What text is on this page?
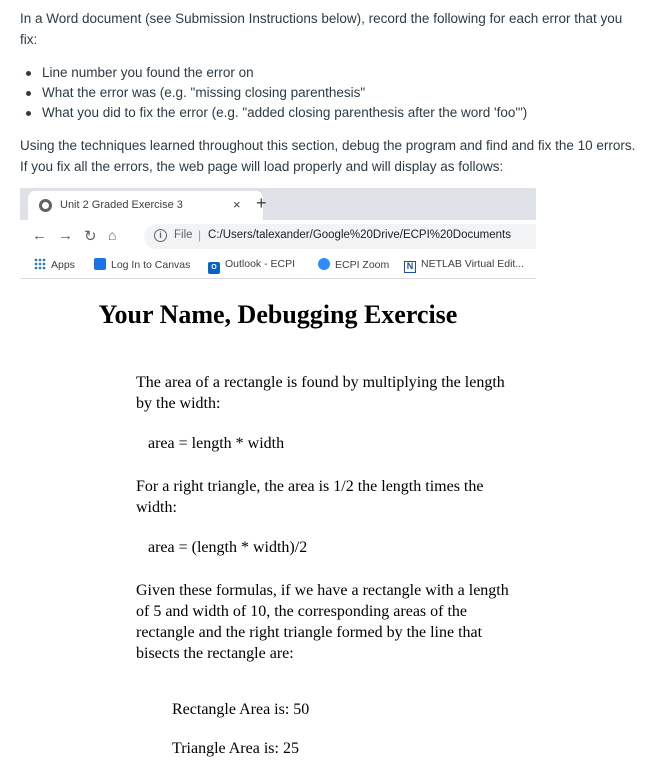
In a Word document (see Submission Instructions below), record the following for each error that you fix:

Line number you found the error on
What the error was (e.g. "missing closing parenthesis"
What you did to fix the error (e.g. "added closing parenthesis after the word 'foo'")

Using the techniques learned throughout this section, debug the program and find and fix the 10 errors. If you fix all the errors, the web page will load properly and will display as follows:

Unit 2 Graded Exercise 3	× +
← → ↻ ⌂	i	File | C:/Users/talexander/Google%20Drive/ECPI%20Documents
Apps	Log In to Canvas	O Outlook - ECPI	ECPI Zoom	N NETLAB Virtual Edit...
Your Name, Debugging Exercise

The area of a rectangle is found by multiplying the length by the width:

area = length * width

For a right triangle, the area is 1/2 the length times the width:

area = (length * width)/2

Given these formulas, if we have a rectangle with a length of 5 and width of 10, the corresponding areas of the rectangle and the right triangle formed by the line that bisects the rectangle are:

Rectangle Area is: 50
Triangle Area is: 25
